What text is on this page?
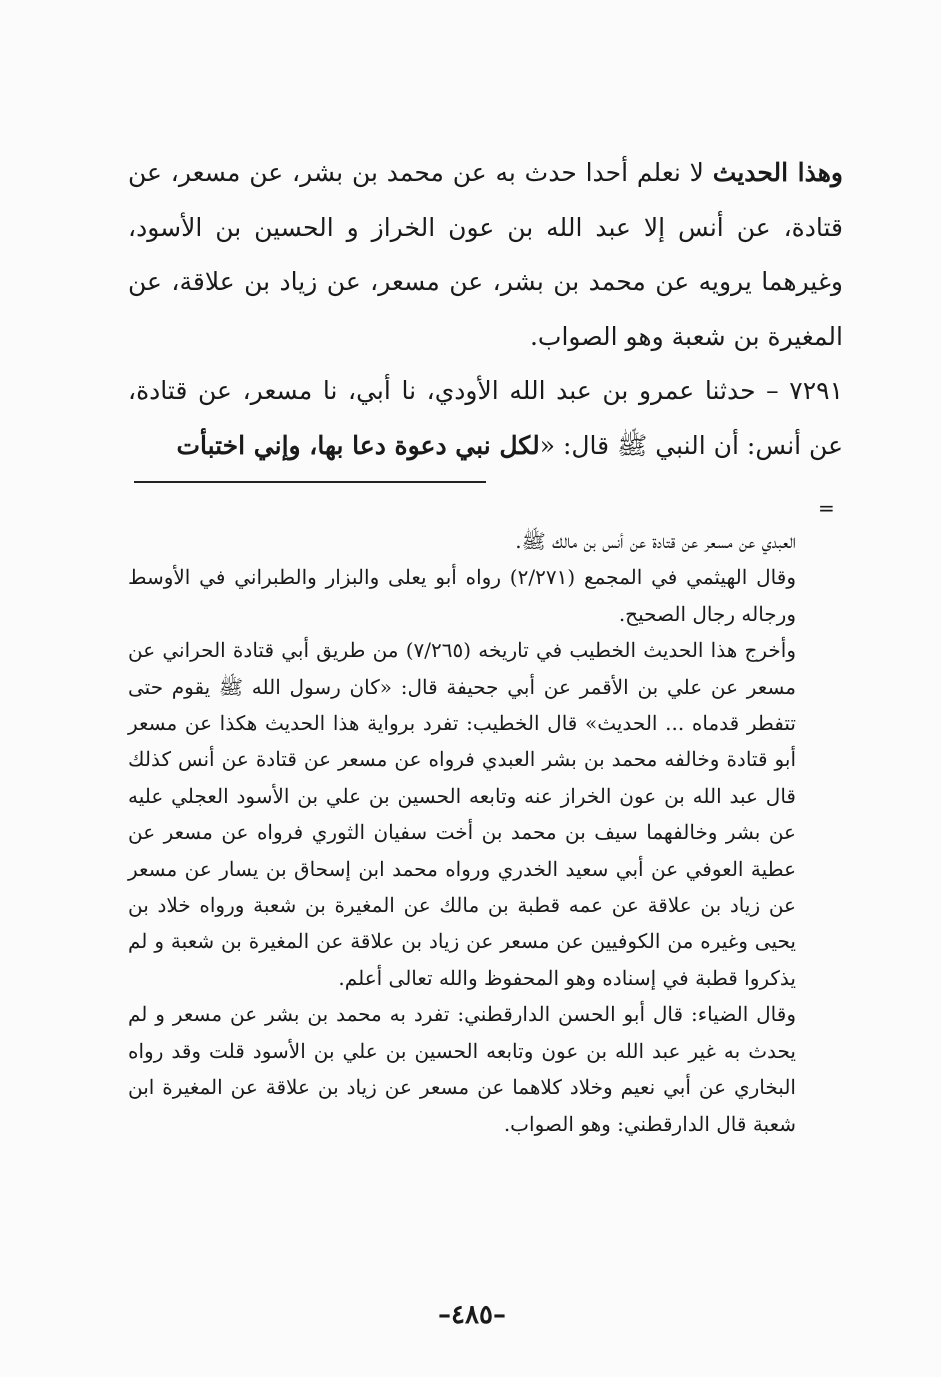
وهذا الحديث لا نعلم أحدا حدث به عن محمد بن بشر، عن مسعر، عن قتادة، عن أنس إلا عبد الله بن عون الخراز و الحسين بن الأسود، وغيرهما يرويه عن محمد بن بشر، عن مسعر، عن زياد بن علاقة، عن المغيرة بن شعبة وهو الصواب.

٧٢٩١ – حدثنا عمرو بن عبد الله الأودي، نا أبي، نا مسعر، عن قتادة، عن أنس: أن النبي ﷺ قال: «لكل نبي دعوة دعا بها، وإني اختبأت

=

العبدي عن مسعر عن قتادة عن أنس بن مالك ﷺ.

وقال الهيثمي في المجمع (٢/٢٧١) رواه أبو يعلى والبزار والطبراني في الأوسط ورجاله رجال الصحيح.

وأخرج هذا الحديث الخطيب في تاريخه (٧/٢٦٥) من طريق أبي قتادة الحراني عن مسعر عن علي بن الأقمر عن أبي جحيفة قال: «كان رسول الله ﷺ يقوم حتى تتفطر قدماه ... الحديث» قال الخطيب: تفرد برواية هذا الحديث هكذا عن مسعر أبو قتادة وخالفه محمد بن بشر العبدي فرواه عن مسعر عن قتادة عن أنس كذلك قال عبد الله بن عون الخراز عنه وتابعه الحسين بن علي بن الأسود العجلي عليه عن بشر وخالفهما سيف بن محمد بن أخت سفيان الثوري فرواه عن مسعر عن عطية العوفي عن أبي سعيد الخدري ورواه محمد ابن إسحاق بن يسار عن مسعر عن زياد بن علاقة عن عمه قطبة بن مالك عن المغيرة بن شعبة ورواه خلاد بن يحيى وغيره من الكوفيين عن مسعر عن زياد بن علاقة عن المغيرة بن شعبة و لم يذكروا قطبة في إسناده وهو المحفوظ والله تعالى أعلم.

وقال الضياء: قال أبو الحسن الدارقطني: تفرد به محمد بن بشر عن مسعر و لم يحدث به غير عبد الله بن عون وتابعه الحسين بن علي بن الأسود قلت وقد رواه البخاري عن أبي نعيم وخلاد كلاهما عن مسعر عن زياد بن علاقة عن المغيرة ابن شعبة قال الدارقطني: وهو الصواب.

–٤٨٥–
